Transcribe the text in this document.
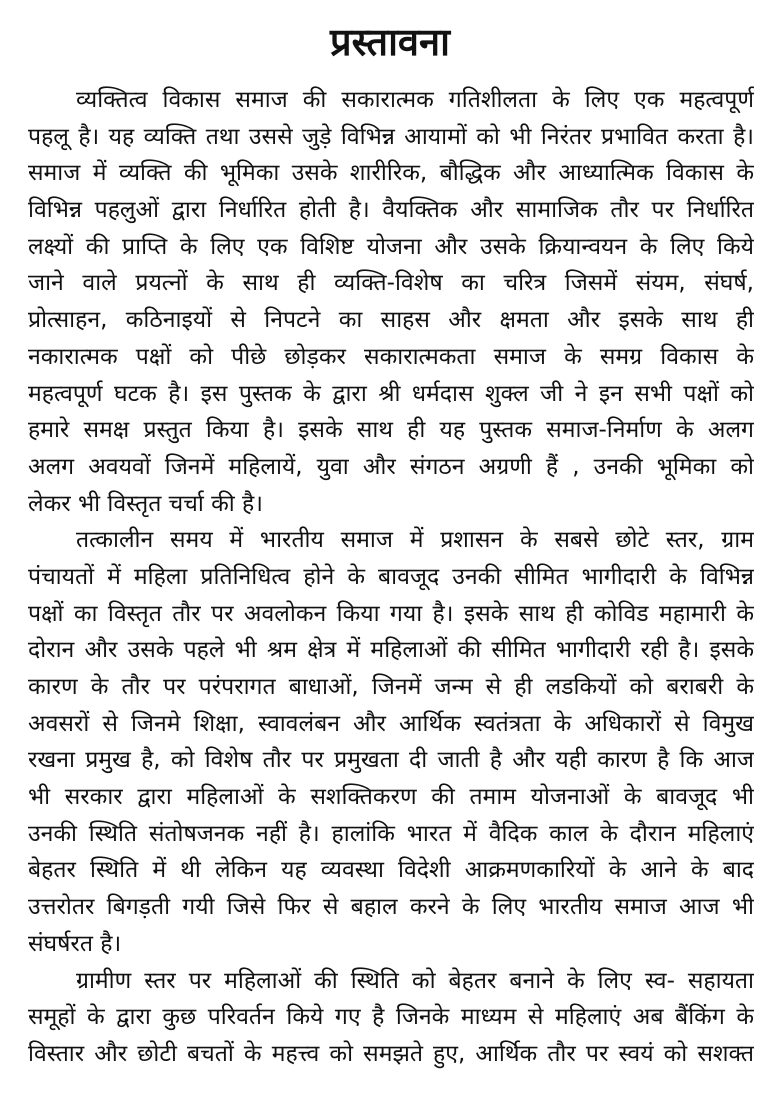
प्रस्तावना
व्यक्तित्व विकास समाज की सकारात्मक गतिशीलता के लिए एक महत्वपूर्ण
पहलू है। यह व्यक्ति तथा उससे जुड़े विभिन्न आयामों को भी निरंतर प्रभावित करता है।
समाज में व्यक्ति की भूमिका उसके शारीरिक, बौद्धिक और आध्यात्मिक विकास के
विभिन्न पहलुओं द्वारा निर्धारित होती है। वैयक्तिक और सामाजिक तौर पर निर्धारित
लक्ष्यों की प्राप्ति के लिए एक विशिष्ट योजना और उसके क्रियान्वयन के लिए किये
जाने वाले प्रयत्नों के साथ ही व्यक्ति-विशेष का चरित्र जिसमें संयम, संघर्ष,
प्रोत्साहन, कठिनाइयों से निपटने का साहस और क्षमता और इसके साथ ही
नकारात्मक पक्षों को पीछे छोड़कर सकारात्मकता समाज के समग्र विकास के
महत्वपूर्ण घटक है। इस पुस्तक के द्वारा श्री धर्मदास शुक्ल जी ने इन सभी पक्षों को
हमारे समक्ष प्रस्तुत किया है। इसके साथ ही यह पुस्तक समाज-निर्माण के अलग
अलग अवयवों जिनमें महिलायें, युवा और संगठन अग्रणी हैं , उनकी भूमिका को
लेकर भी विस्तृत चर्चा की है।
तत्कालीन समय में भारतीय समाज में प्रशासन के सबसे छोटे स्तर, ग्राम
पंचायतों में महिला प्रतिनिधित्व होने के बावजूद उनकी सीमित भागीदारी के विभिन्न
पक्षों का विस्तृत तौर पर अवलोकन किया गया है। इसके साथ ही कोविड महामारी के
दोरान और उसके पहले भी श्रम क्षेत्र में महिलाओं की सीमित भागीदारी रही है। इसके
कारण के तौर पर परंपरागत बाधाओं, जिनमें जन्म से ही लडकियों को बराबरी के
अवसरों से जिनमे शिक्षा, स्वावलंबन और आर्थिक स्वतंत्रता के अधिकारों से विमुख
रखना प्रमुख है, को विशेष तौर पर प्रमुखता दी जाती है और यही कारण है कि आज
भी सरकार द्वारा महिलाओं के सशक्तिकरण की तमाम योजनाओं के बावजूद भी
उनकी स्थिति संतोषजनक नहीं है। हालांकि भारत में वैदिक काल के दौरान महिलाएं
बेहतर स्थिति में थी लेकिन यह व्यवस्था विदेशी आक्रमणकारियों के आने के बाद
उत्तरोतर बिगड़ती गयी जिसे फिर से बहाल करने के लिए भारतीय समाज आज भी
संघर्षरत है।
ग्रामीण स्तर पर महिलाओं की स्थिति को बेहतर बनाने के लिए स्व- सहायता
समूहों के द्वारा कुछ परिवर्तन किये गए है जिनके माध्यम से महिलाएं अब बैंकिंग के
विस्तार और छोटी बचतों के महत्त्व को समझते हुए, आर्थिक तौर पर स्वयं को सशक्त
